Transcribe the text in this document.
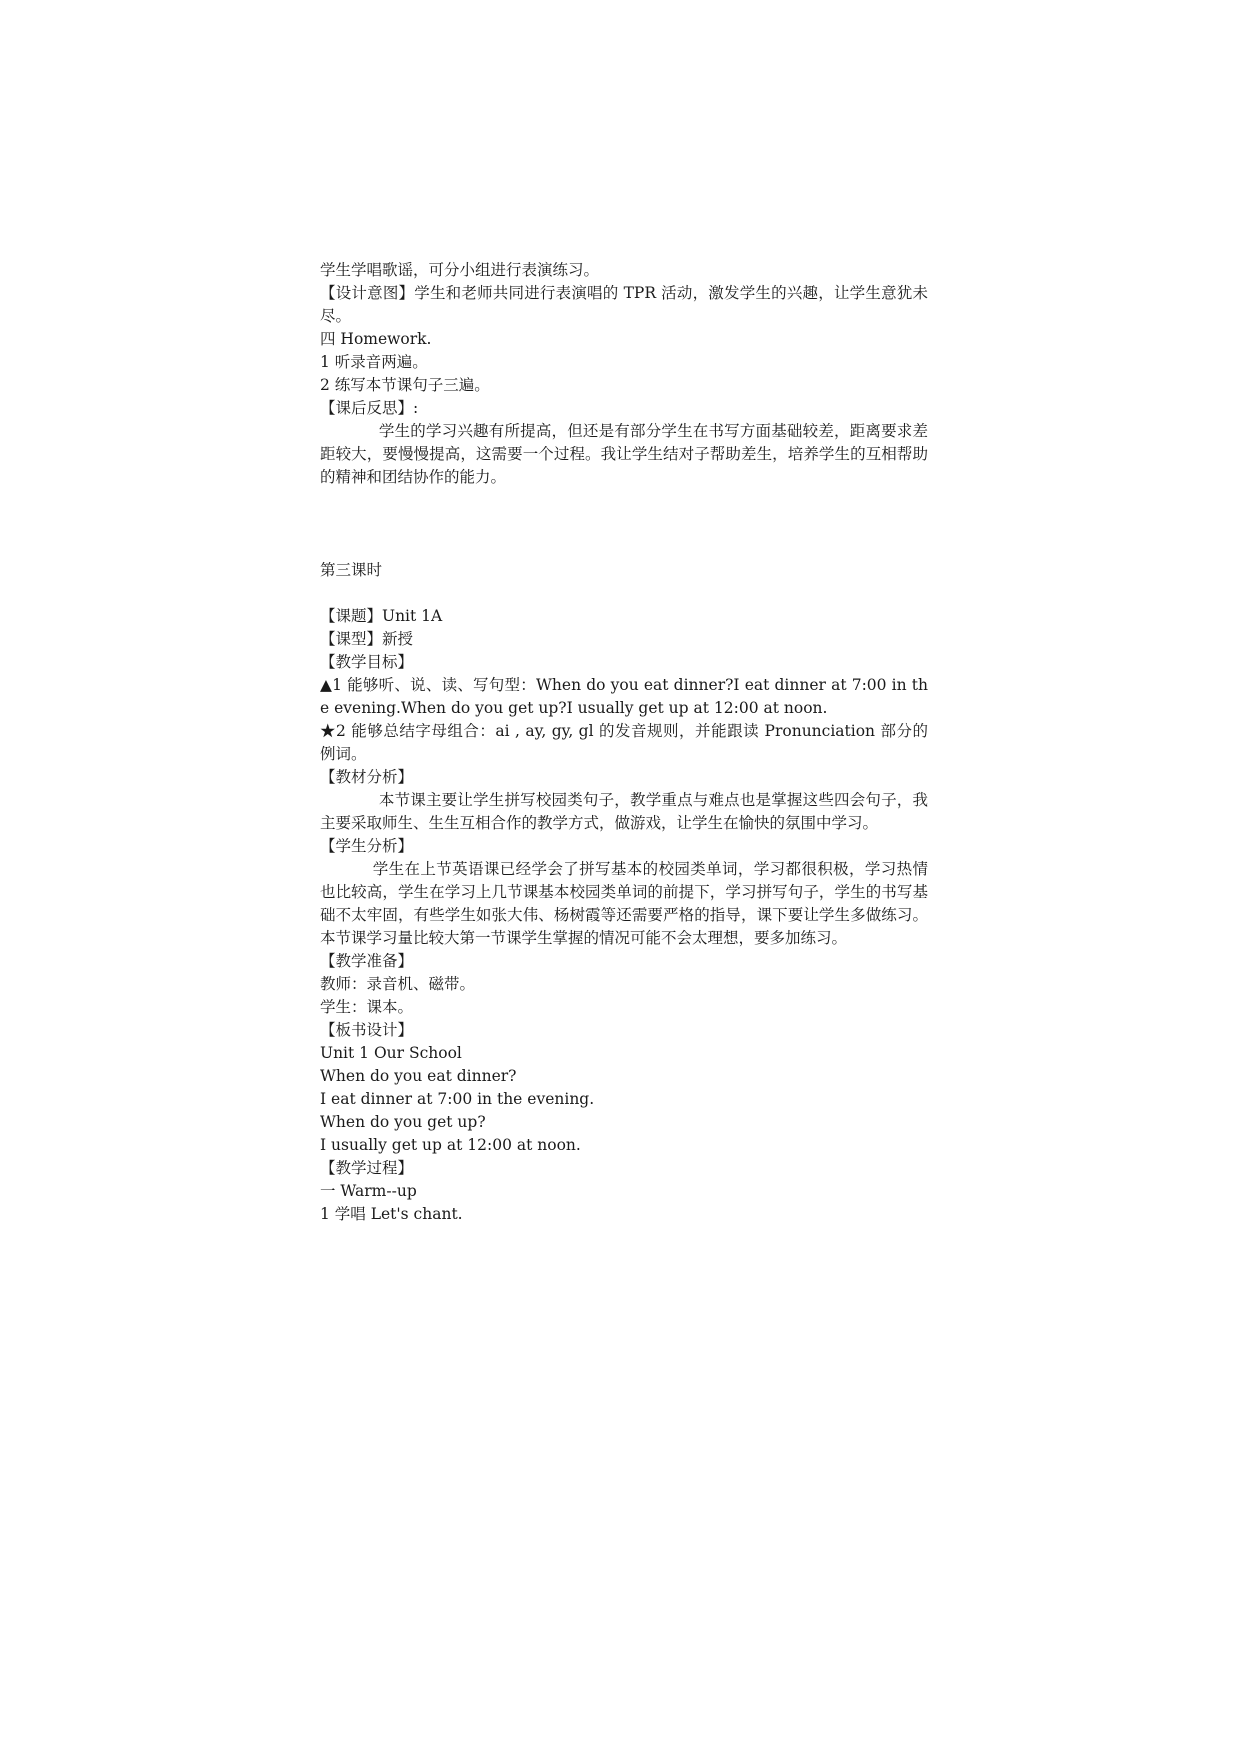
学生学唱歌谣，可分小组进行表演练习。
【设计意图】学生和老师共同进行表演唱的 TPR 活动，激发学生的兴趣，让学生意犹未尽。
四 Homework.
1 听录音两遍。
2 练写本节课句子三遍。
【课后反思】:
学生的学习兴趣有所提高，但还是有部分学生在书写方面基础较差，距离要求差距较大，要慢慢提高，这需要一个过程。我让学生结对子帮助差生，培养学生的互相帮助的精神和团结协作的能力。
第三课时
【课题】Unit 1A
【课型】新授
【教学目标】
▲1 能够听、说、读、写句型：When do you eat dinner?I eat dinner at 7:00 in the evening.When do you get up?I usually get up at 12:00 at noon.
★2 能够总结字母组合：ai , ay, gy, gl 的发音规则，并能跟读 Pronunciation 部分的例词。
【教材分析】
本节课主要让学生拼写校园类句子，教学重点与难点也是掌握这些四会句子，我主要采取师生、生生互相合作的教学方式，做游戏，让学生在愉快的氛围中学习。
【学生分析】
学生在上节英语课已经学会了拼写基本的校园类单词，学习都很积极，学习热情也比较高，学生在学习上几节课基本校园类单词的前提下，学习拼写句子，学生的书写基础不太牢固，有些学生如张大伟、杨树霞等还需要严格的指导，课下要让学生多做练习。本节课学习量比较大第一节课学生掌握的情况可能不会太理想，要多加练习。
【教学准备】
教师：录音机、磁带。
学生：课本。
【板书设计】
Unit 1 Our School
When do you eat dinner?
I eat dinner at 7:00 in the evening.
When do you get up?
I usually get up at 12:00 at noon.
【教学过程】
一 Warm--up
1 学唱 Let's chant.
